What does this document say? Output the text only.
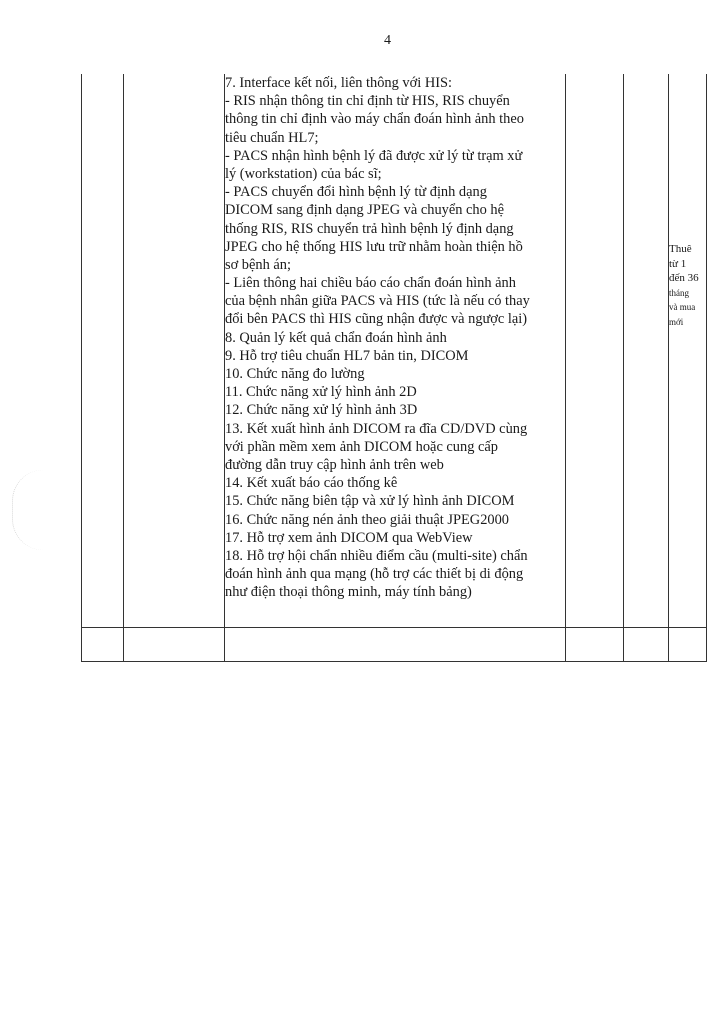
4
7. Interface kết nối, liên thông với HIS:
- RIS nhận thông tin chỉ định từ HIS, RIS chuyển
thông tin chỉ định vào máy chẩn đoán hình ảnh theo
tiêu chuẩn HL7;
- PACS nhận hình bệnh lý đã được xử lý từ trạm xử
lý (workstation) của bác sĩ;
- PACS chuyển đổi hình bệnh lý từ định dạng
DICOM sang định dạng JPEG và chuyển cho hệ
thống RIS, RIS chuyển trả hình bệnh lý định dạng
JPEG cho hệ thống HIS lưu trữ nhằm hoàn thiện hồ
sơ bệnh án;
- Liên thông hai chiều báo cáo chẩn đoán hình ảnh
của bệnh nhân giữa PACS và HIS (tức là nếu có thay
đổi bên PACS thì HIS cũng nhận được và ngược lại)
8. Quản lý kết quả chẩn đoán hình ảnh
9. Hỗ trợ tiêu chuẩn HL7 bản tin, DICOM
10. Chức năng đo lường
11. Chức năng xử lý hình ảnh 2D
12. Chức năng xử lý hình ảnh 3D
13. Kết xuất hình ảnh DICOM ra đĩa CD/DVD cùng
với phần mềm xem ảnh DICOM hoặc cung cấp
đường dẫn truy cập hình ảnh trên web
14. Kết xuất báo cáo thống kê
15. Chức năng biên tập và xử lý hình ảnh DICOM
16. Chức năng nén ảnh theo giải thuật JPEG2000
17. Hỗ trợ xem ảnh DICOM qua WebView
18. Hỗ trợ hội chẩn nhiều điểm cầu (multi-site) chẩn
đoán hình ảnh qua mạng (hỗ trợ các thiết bị di động
như điện thoại thông minh, máy tính bảng)
Thuê
từ 1
đến 36
tháng
và mua
mới
